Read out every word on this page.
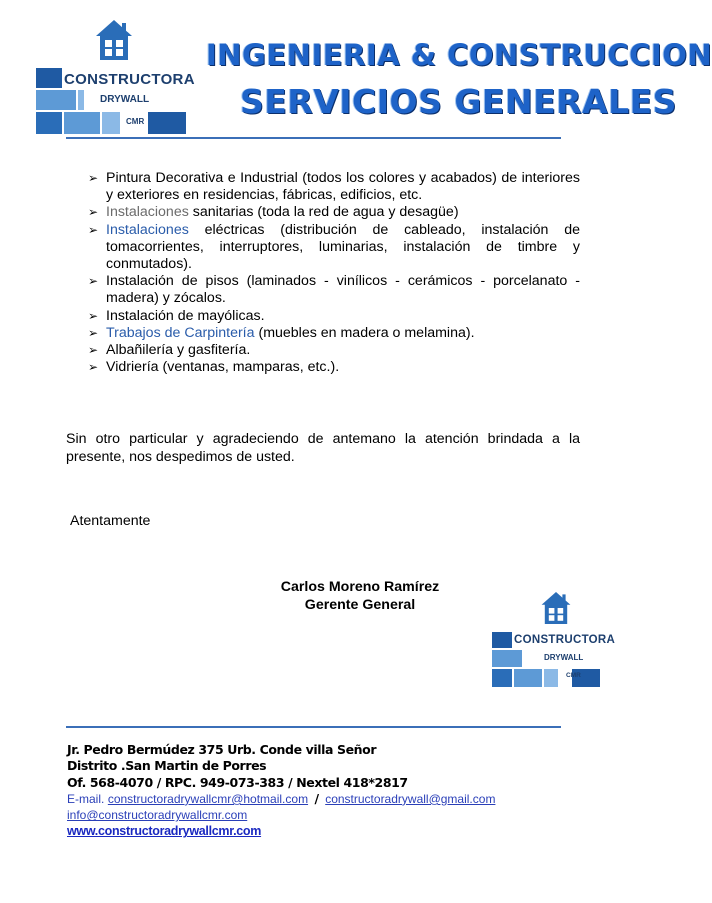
CONSTRUCTORA
DRYWALL
CMR
INGENIERIA & CONSTRUCCION
SERVICIOS GENERALES

➢ Pintura Decorativa e Industrial (todos los colores y acabados) de interiores y exteriores en residencias, fábricas, edificios, etc.

➢ Instalaciones sanitarias (toda la red de agua y desagüe)

➢ Instalaciones eléctricas (distribución de cableado, instalación de tomacorrientes, interruptores, luminarias, instalación de timbre y conmutados).

➢ Instalación de pisos (laminados - vinílicos - cerámicos - porcelanato - madera) y zócalos.

➢ Instalación de mayólicas.

➢ Trabajos de Carpintería (muebles en madera o melamina).

➢ Albañilería y gasfitería.

➢ Vidriería (ventanas, mamparas, etc.).

Sin otro particular y agradeciendo de antemano la atención brindada a la presente, nos despedimos de usted.
Atentamente
Carlos Moreno Ramírez
Gerente General
CONSTRUCTORA
DRYWALL
CMR
Jr. Pedro Bermúdez 375 Urb. Conde villa Señor
Distrito .San Martin de Porres
Of. 568-4070 / RPC. 949-073-383 / Nextel 418*2817
E-mail. constructoradrywallcmr@hotmail.com / constructoradrywall@gmail.com
info@constructoradrywallcmr.com
www.constructoradrywallcmr.com
